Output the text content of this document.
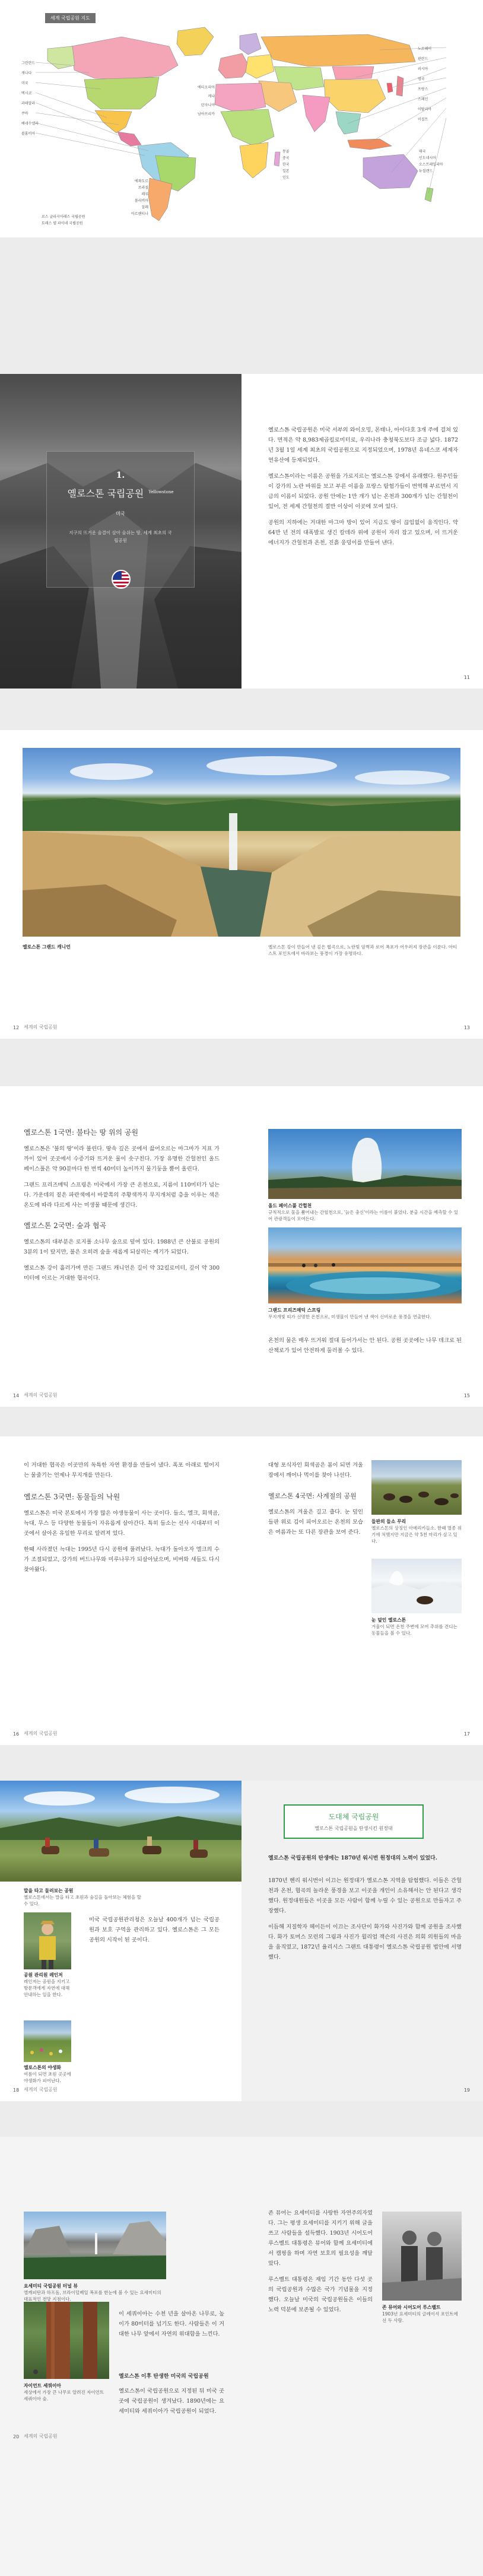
세계 국립공원 지도
그린란드
캐나다
미국
멕시코
과테말라
쿠바
베네수엘라
콜롬비아
에콰도르
브라질
페루
볼리비아
칠레
아르헨티나
노르웨이
핀란드
러시아
영국
프랑스
스페인
이탈리아
이집트
에티오피아
케냐
탄자니아
남아프리카
몽골
중국
한국
일본
인도
태국
인도네시아
오스트레일리아
뉴질랜드
로스 글라시아레스 국립공원
토레스 델 파이네 국립공원
1.
옐로스톤 국립공원 $^{Yellowstone}$
미국
지구의 뜨거운 숨결이 살아 숨쉬는 땅, 세계 최초의 국립공원

옐로스톤 국립공원은 미국 서부의 와이오밍, 몬태나, 아이다호 3개 주에 걸쳐 있다. 면적은 약 8,983제곱킬로미터로, 우리나라 충청북도보다 조금 넓다. 1872년 3월 1일 세계 최초의 국립공원으로 지정되었으며, 1978년 유네스코 세계자연유산에 등재되었다.

옐로스톤이라는 이름은 공원을 가로지르는 옐로스톤 강에서 유래했다. 원주민들이 강가의 노란 바위를 보고 부른 이름을 프랑스 탐험가들이 번역해 부르면서 지금의 이름이 되었다. 공원 안에는 1만 개가 넘는 온천과 300개가 넘는 간헐천이 있어, 전 세계 간헐천의 절반 이상이 이곳에 모여 있다.

공원의 지하에는 거대한 마그마 방이 있어 지금도 땅이 끊임없이 움직인다. 약 64만 년 전의 대폭발로 생긴 칼데라 위에 공원이 자리 잡고 있으며, 이 뜨거운 에너지가 간헐천과 온천, 진흙 웅덩이를 만들어 낸다.

11
옐로스톤 그랜드 캐니언	옐로스톤 강이 만들어 낸 깊은 협곡으로, 노란빛 암벽과 로어 폭포가 어우러져 장관을 이룬다. 아티스트 포인트에서 바라보는 풍경이 가장 유명하다.
12 세계의 국립공원	13
옐로스톤 1국면: 불타는 땅 위의 공원

옐로스톤은 '불의 땅'이라 불린다. 땅속 깊은 곳에서 끓어오르는 마그마가 지표 가까이 있어 곳곳에서 수증기와 뜨거운 물이 솟구친다. 가장 유명한 간헐천인 올드 페이스풀은 약 90분마다 한 번씩 40미터 높이까지 물기둥을 뿜어 올린다.

그랜드 프리즈매틱 스프링은 미국에서 가장 큰 온천으로, 지름이 110미터가 넘는다. 가운데의 짙은 파란색에서 바깥쪽의 주황색까지 무지개처럼 층을 이루는 색은 온도에 따라 다르게 사는 미생물 때문에 생긴다.

옐로스톤 2국면: 숲과 협곡

옐로스톤의 대부분은 로지폴 소나무 숲으로 덮여 있다. 1988년 큰 산불로 공원의 3분의 1이 탔지만, 불은 오히려 숲을 새롭게 되살리는 계기가 되었다.

옐로스톤 강이 흘러가며 만든 그랜드 캐니언은 길이 약 32킬로미터, 깊이 약 300미터에 이르는 거대한 협곡이다.

올드 페이스풀 간헐천
규칙적으로 물을 뿜어내는 간헐천으로, '늙은 충신'이라는 이름이 붙었다. 분출 시간을 예측할 수 있어 관광객들이 모여든다.
그랜드 프리즈매틱 스프링
무지개빛 띠가 선명한 온천으로, 미생물이 만들어 낸 색이 신비로운 풍경을 연출한다.

온천의 물은 매우 뜨거워 절대 들어가서는 안 된다. 공원 곳곳에는 나무 데크로 된 산책로가 있어 안전하게 둘러볼 수 있다.

14 세계의 국립공원	15

이 거대한 협곡은 이곳만의 독특한 자연 환경을 만들어 냈다. 폭포 아래로 떨어지는 물줄기는 언제나 무지개를 만든다.

옐로스톤 3국면: 동물들의 낙원

옐로스톤은 미국 본토에서 가장 많은 야생동물이 사는 곳이다. 들소, 엘크, 회색곰, 늑대, 무스 등 다양한 동물들이 자유롭게 살아간다. 특히 들소는 선사 시대부터 이곳에서 살아온 유일한 무리로 알려져 있다.

한때 사라졌던 늑대는 1995년 다시 공원에 풀려났다. 늑대가 돌아오자 엘크의 수가 조절되었고, 강가의 버드나무와 미루나무가 되살아났으며, 비버와 새들도 다시 찾아왔다.

대형 포식자인 회색곰은 봄이 되면 겨울잠에서 깨어나 먹이를 찾아 나선다.

옐로스톤 4국면: 사계절의 공원

옐로스톤의 겨울은 길고 춥다. 눈 덮인 들판 위로 김이 피어오르는 온천의 모습은 여름과는 또 다른 장관을 보여 준다.

들판의 들소 무리
옐로스톤의 상징인 아메리카들소. 한때 멸종 위기에 처했지만 지금은 약 5천 마리가 살고 있다.
눈 덮인 옐로스톤
겨울이 되면 온천 주변에 모여 추위를 견디는 동물들을 볼 수 있다.
16 세계의 국립공원	17
말을 타고 둘러보는 공원
옐로스톤에서는 말을 타고 초원과 숲길을 돌아보는 체험을 할 수 있다.
공원 관리원 레인저
레인저는 공원을 지키고 방문객에게 자연에 대해 안내하는 일을 한다.
옐로스톤의 야생화
여름이 되면 초원 곳곳에 야생화가 피어난다.

미국 국립공원관리청은 오늘날 400개가 넘는 국립공원과 보호 구역을 관리하고 있다. 옐로스톤은 그 모든 공원의 시작이 된 곳이다.

도대체 국립공원
옐로스톤 국립공원을 탄생시킨 원정대
옐로스톤 국립공원의 탄생에는 1870년 워시번 원정대의 노력이 있었다.

1870년 헨리 워시번이 이끄는 원정대가 옐로스톤 지역을 탐험했다. 이들은 간헐천과 온천, 협곡의 놀라운 풍경을 보고 이곳을 개인이 소유해서는 안 된다고 생각했다. 원정대원들은 이곳을 모든 사람이 함께 누릴 수 있는 공원으로 만들자고 주장했다.

이듬해 지질학자 헤이든이 이끄는 조사단이 화가와 사진가와 함께 공원을 조사했다. 화가 토머스 모런의 그림과 사진가 윌리엄 잭슨의 사진은 의회 의원들의 마음을 움직였고, 1872년 율리시스 그랜트 대통령이 옐로스톤 국립공원 법안에 서명했다.

18 세계의 국립공원	19
요세미티 국립공원 터널 뷰
엘캐피탄과 하프돔, 브라이덜베일 폭포를 한눈에 볼 수 있는 요세미티의 대표적인 전망 지점이다.
자이언트 세쿼이아
세상에서 가장 큰 나무로 알려진 자이언트 세쿼이아 숲.

이 세쿼이아는 수천 년을 살아온 나무로, 높이가 80미터를 넘기도 한다. 사람들은 이 거대한 나무 앞에서 자연의 위대함을 느낀다.

옐로스톤 이후 탄생한 미국의 국립공원

옐로스톤이 국립공원으로 지정된 뒤 미국 곳곳에 국립공원이 생겨났다. 1890년에는 요세미티와 세쿼이아가 국립공원이 되었다.

존 뮤어는 요세미티를 사랑한 자연주의자였다. 그는 평생 요세미티를 지키기 위해 글을 쓰고 사람들을 설득했다. 1903년 시어도어 루스벨트 대통령은 뮤어와 함께 요세미티에서 캠핑을 하며 자연 보호의 필요성을 깨달았다.

루스벨트 대통령은 재임 기간 동안 다섯 곳의 국립공원과 수많은 국가 기념물을 지정했다. 오늘날 미국의 국립공원들은 이들의 노력 덕분에 보존될 수 있었다.	존 뮤어와 시어도어 루스벨트
1903년 요세미티의 글레이셔 포인트에 선 두 사람.
20 세계의 국립공원
